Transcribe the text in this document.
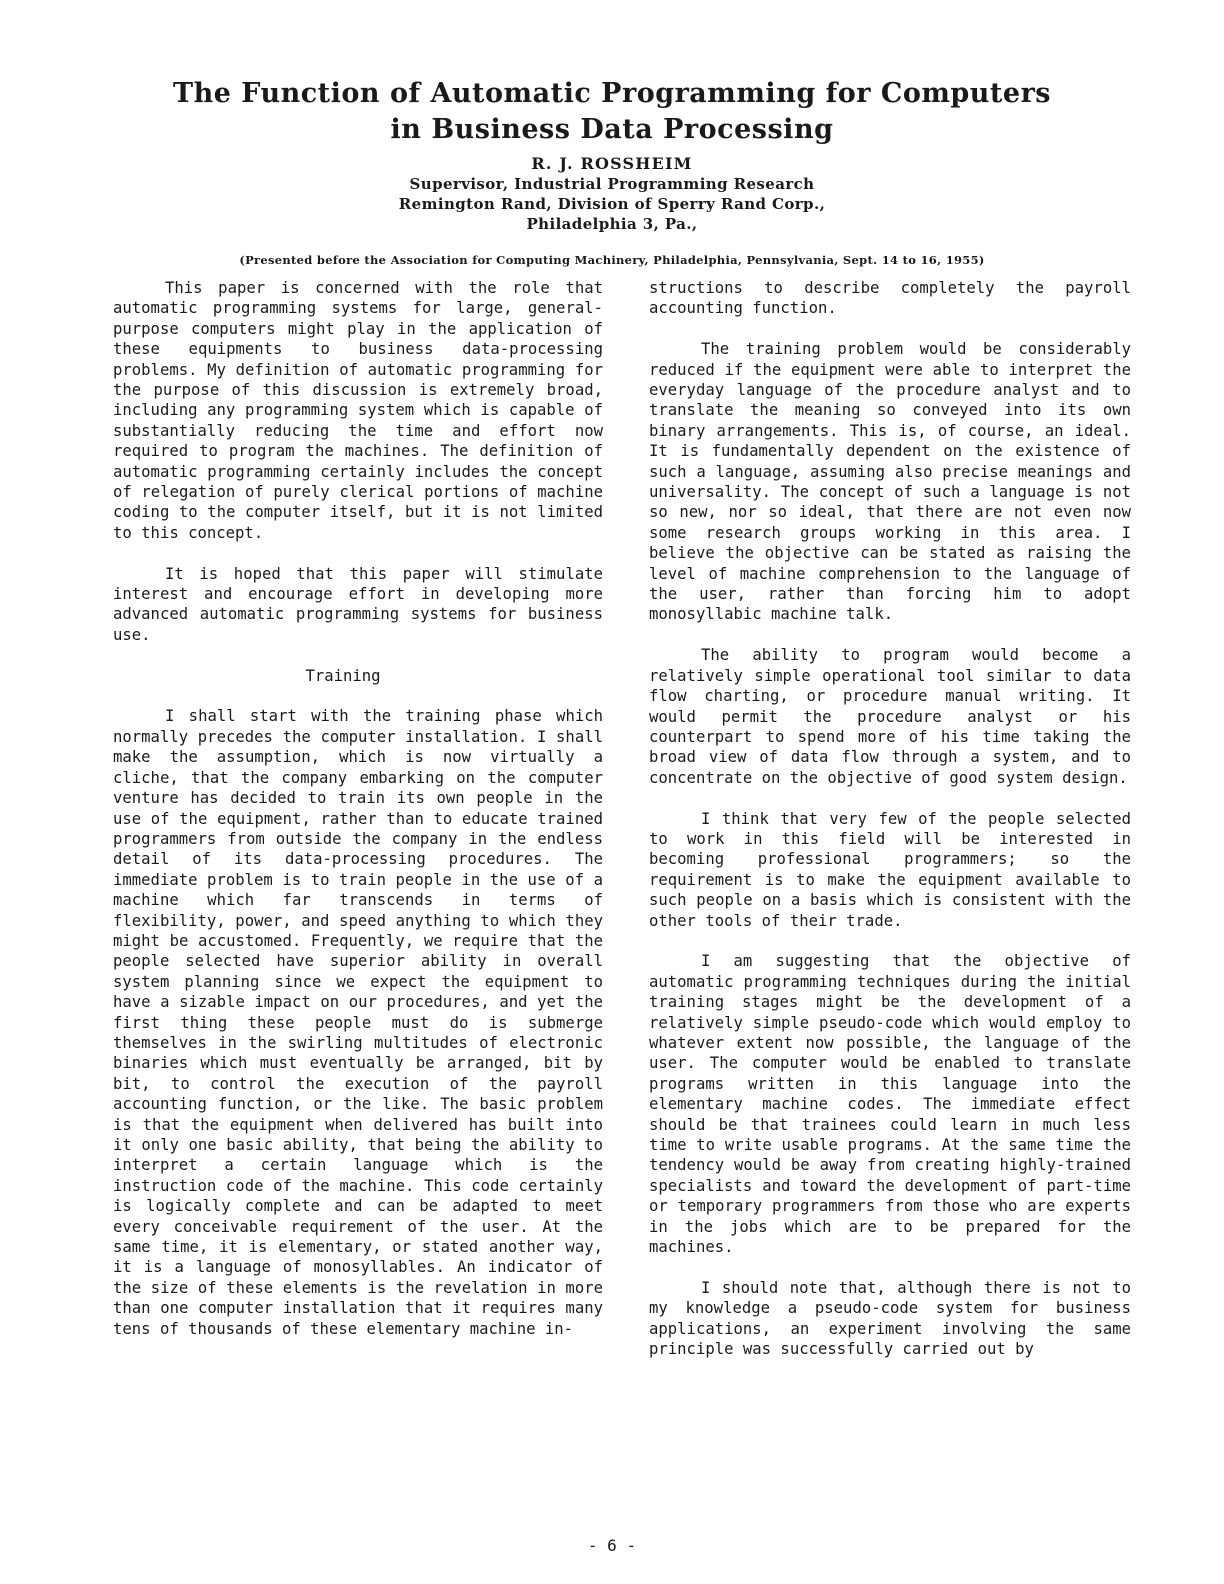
The Function of Automatic Programming for Computers

in Business Data Processing

R. J. ROSSHEIM

Supervisor, Industrial Programming Research

Remington Rand, Division of Sperry Rand Corp.,

Philadelphia 3, Pa.,

(Presented before the Association for Computing Machinery, Philadelphia, Pennsylvania, Sept. 14 to 16, 1955)

This paper is concerned with the role that automatic programming systems for large, general-purpose computers might play in the application of these equipments to business data-processing problems. My definition of automatic programming for the purpose of this discussion is extremely broad, including any programming system which is capable of substantially reducing the time and effort now required to program the machines. The definition of automatic programming certainly includes the concept of relegation of purely clerical portions of machine coding to the computer itself, but it is not limited to this concept.

It is hoped that this paper will stimulate interest and encourage effort in developing more advanced automatic programming systems for business use.

Training

I shall start with the training phase which normally precedes the computer installation. I shall make the assumption, which is now virtually a cliche, that the company embarking on the computer venture has decided to train its own people in the use of the equipment, rather than to educate trained programmers from outside the company in the endless detail of its data-processing procedures. The immediate problem is to train people in the use of a machine which far transcends in terms of flexibility, power, and speed anything to which they might be accustomed. Frequently, we require that the people selected have superior ability in overall system planning since we expect the equipment to have a sizable impact on our procedures, and yet the first thing these people must do is submerge themselves in the swirling multitudes of electronic binaries which must eventually be arranged, bit by bit, to control the execution of the payroll accounting function, or the like. The basic problem is that the equipment when delivered has built into it only one basic ability, that being the ability to interpret a certain language which is the instruction code of the machine. This code certainly is logically complete and can be adapted to meet every conceivable requirement of the user. At the same time, it is elementary, or stated another way, it is a language of monosyllables. An indicator of the size of these elements is the revelation in more than one computer installation that it requires many tens of thousands of these elementary machine in-

structions to describe completely the payroll accounting function.

The training problem would be considerably reduced if the equipment were able to interpret the everyday language of the procedure analyst and to translate the meaning so conveyed into its own binary arrangements. This is, of course, an ideal. It is fundamentally dependent on the existence of such a language, assuming also precise meanings and universality. The concept of such a language is not so new, nor so ideal, that there are not even now some research groups working in this area. I believe the objective can be stated as raising the level of machine comprehension to the language of the user, rather than forcing him to adopt monosyllabic machine talk.

The ability to program would become a relatively simple operational tool similar to data flow charting, or procedure manual writing. It would permit the procedure analyst or his counterpart to spend more of his time taking the broad view of data flow through a system, and to concentrate on the objective of good system design.

I think that very few of the people selected to work in this field will be interested in becoming professional programmers; so the requirement is to make the equipment available to such people on a basis which is consistent with the other tools of their trade.

I am suggesting that the objective of automatic programming techniques during the initial training stages might be the development of a relatively simple pseudo-code which would employ to whatever extent now possible, the language of the user. The computer would be enabled to translate programs written in this language into the elementary machine codes. The immediate effect should be that trainees could learn in much less time to write usable programs. At the same time the tendency would be away from creating highly-trained specialists and toward the development of part-time or temporary programmers from those who are experts in the jobs which are to be prepared for the machines.

I should note that, although there is not to my knowledge a pseudo-code system for business applications, an experiment involving the same principle was successfully carried out by

- 6 -
